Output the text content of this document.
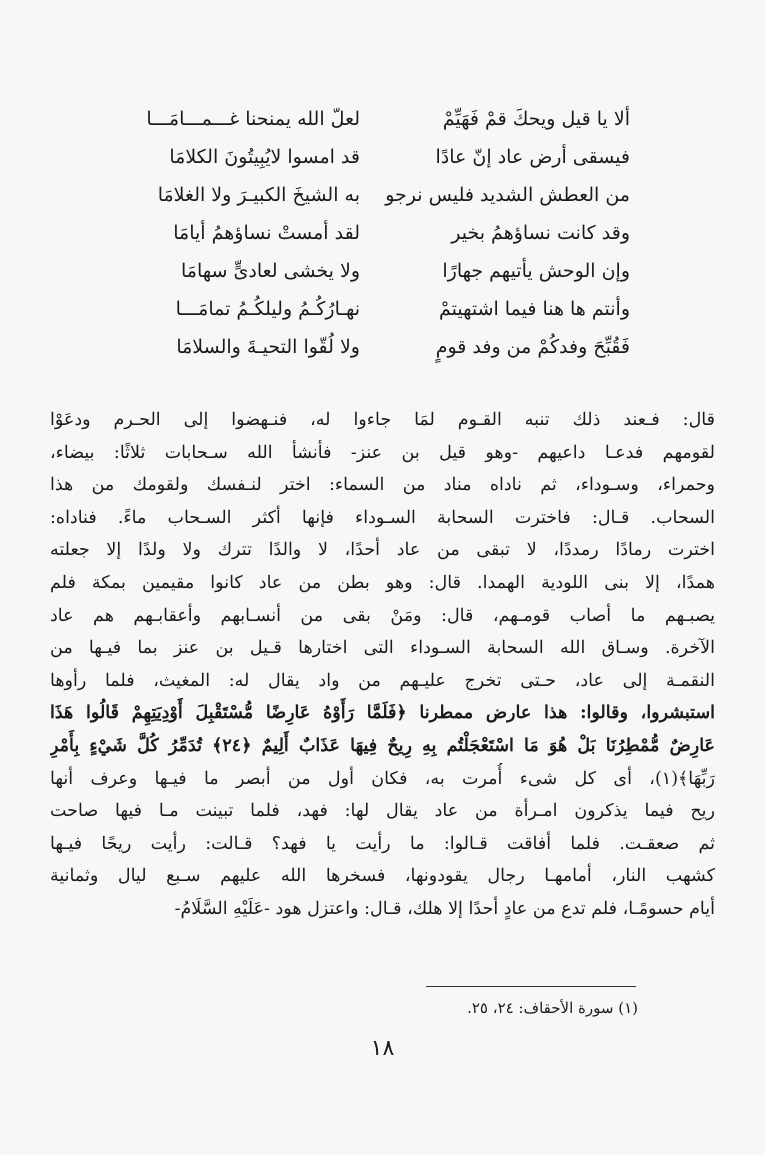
لعلّ الله يمنحنا غـــمـــامَـــا
قد امسوا لايُبِيتُونَ الكلامَا
به الشيخَ الكبيـرَ ولا الغلامَا
لقد أمستْ نساؤهمُ أيامَا
ولا يخشى لعادىٍّ سهامَا
نهـارُكُـمُ وليلكُـمُ تمامَـــا
ولا لُقّوا التحيـةَ والسلامَا
ألا يا قيل ويحكَ قمْ فَهَيِّمْ
فيسقى أرض عاد إنّ عادًا
من العطش الشديد فليس نرجو
وقد كانت نساؤهمُ بخير
وإن الوحش يأتيهم جهارًا
وأنتم ها هنا فيما اشتهيتمْ
فَقُبِّحَ وفدكُمْ من وفد قومٍ
قال: فـعند ذلك تنبه القـوم لمَا جاءوا له، فنـهضوا إلى الحـرم ودعَوْا
لقومهم فدعـا داعيهم -وهو قيل بن عنز- فأنشأ الله سـحابات ثلاثًا: بيضاء،
وحمراء، وسـوداء، ثم ناداه مناد من السماء: اختر لنـفسك ولقومك من هذا
السحاب. قـال: فاخترت السحابة السـوداء فإنها أكثر السـحاب ماءً. فناداه:
اخترت رمادًا رمددًا، لا تبقى من عاد أحدًا، لا والدًا تترك ولا ولدًا إلا جعلته
همدًا، إلا بنى اللودية الهمدا. قال: وهو بطن من عاد كانوا مقيمين بمكة فلم
يصبـهم ما أصاب قومـهم، قال: ومَنْ بقى من أنسـابهم وأعقابـهم هم عاد
الآخرة. وسـاق الله السحابة السـوداء التى اختارها قـيل بن عنز بما فيـها من
النقمـة إلى عاد، حـتى تخرج عليـهم من واد يقال له: المغيث، فلما رأوها
استبشروا، وقالوا: هذا عارض ممطرنا ﴿فَلَمَّا رَأَوْهُ عَارِضًا مُّسْتَقْبِلَ أَوْدِيَتِهِمْ قَالُوا هَذَا
عَارِضٌ مُّمْطِرُنَا بَلْ هُوَ مَا اسْتَعْجَلْتُم بِهِ رِيحٌ فِيهَا عَذَابٌ أَلِيمٌ ﴿٢٤﴾ تُدَمِّرُ كُلَّ شَيْءٍ بِأَمْرِ
رَبِّهَا﴾(١)، أى كل شىء أُمرت به، فكان أول من أبصر ما فيـها وعرف أنها
ريح فيما يذكرون امـرأة من عاد يقال لها: فهد، فلما تبينت مـا فيها صاحت
ثم صعقـت. فلما أفاقت قـالوا: ما رأيت يا فهد؟ قـالت: رأيت ريحًا فيـها
كشهب النار، أمامهـا رجال يقودونها، فسخرها الله عليهم سـبع ليال وثمانية
أيام حسومًـا، فلم تدع من عادٍ أحدًا إلا هلك، قـال: واعتزل هود -عَلَيْهِ السَّلَامُ-
(١) سورة الأحقاف: ٢٤، ٢٥.
١٨
